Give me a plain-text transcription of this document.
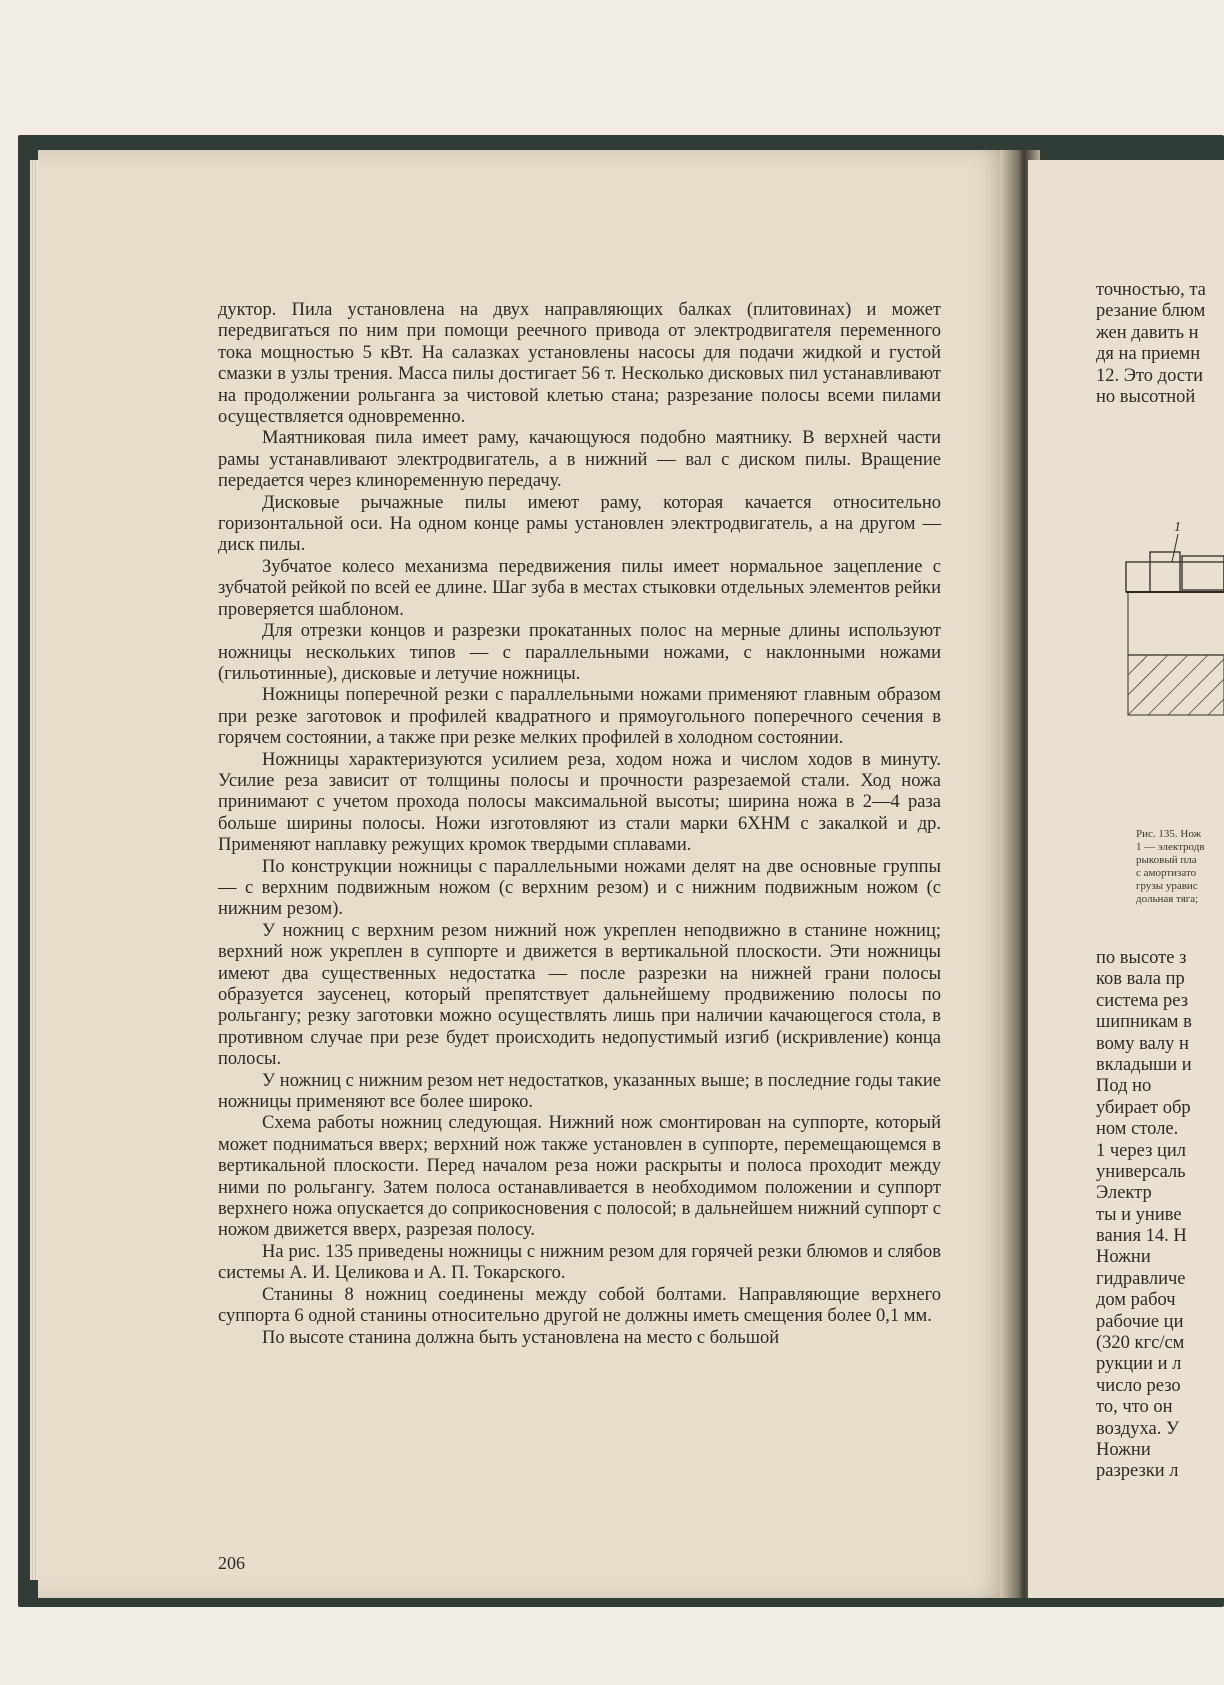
дуктор. Пила установлена на двух направляющих балках (плитовинах) и может передвигаться по ним при помощи реечного привода от электродвигателя переменного тока мощностью 5 кВт. На салазках установлены насосы для подачи жидкой и густой смазки в узлы трения. Масса пилы достигает 56 т. Несколько дисковых пил устанавливают на продолжении рольганга за чистовой клетью стана; разрезание полосы всеми пилами осуществляется одновременно.

Маятниковая пила имеет раму, качающуюся подобно маятнику. В верхней части рамы устанавливают электродвигатель, а в нижний — вал с диском пилы. Вращение передается через клиноременную передачу.

Дисковые рычажные пилы имеют раму, которая качается относительно горизонтальной оси. На одном конце рамы установлен электродвигатель, а на другом — диск пилы.

Зубчатое колесо механизма передвижения пилы имеет нормальное зацепление с зубчатой рейкой по всей ее длине. Шаг зуба в местах стыковки отдельных элементов рейки проверяется шаблоном.

Для отрезки концов и разрезки прокатанных полос на мерные длины используют ножницы нескольких типов — с параллельными ножами, с наклонными ножами (гильотинные), дисковые и летучие ножницы.

Ножницы поперечной резки с параллельными ножами применяют главным образом при резке заготовок и профилей квадратного и прямоугольного поперечного сечения в горячем состоянии, а также при резке мелких профилей в холодном состоянии.

Ножницы характеризуются усилием реза, ходом ножа и числом ходов в минуту. Усилие реза зависит от толщины полосы и прочности разрезаемой стали. Ход ножа принимают с учетом прохода полосы максимальной высоты; ширина ножа в 2—4 раза больше ширины полосы. Ножи изготовляют из стали марки 6ХНМ с закалкой и др. Применяют наплавку режущих кромок твердыми сплавами.

По конструкции ножницы с параллельными ножами делят на две основные группы — с верхним подвижным ножом (с верхним резом) и с нижним подвижным ножом (с нижним резом).

У ножниц с верхним резом нижний нож укреплен неподвижно в станине ножниц; верхний нож укреплен в суппорте и движется в вертикальной плоскости. Эти ножницы имеют два существенных недостатка — после разрезки на нижней грани полосы образуется заусенец, который препятствует дальнейшему продвижению полосы по рольгангу; резку заготовки можно осуществлять лишь при наличии качающегося стола, в противном случае при резе будет происходить недопустимый изгиб (искривление) конца полосы.

У ножниц с нижним резом нет недостатков, указанных выше; в последние годы такие ножницы применяют все более широко.

Схема работы ножниц следующая. Нижний нож смонтирован на суппорте, который может подниматься вверх; верхний нож также установлен в суппорте, перемещающемся в вертикальной плоскости. Перед началом реза ножи раскрыты и полоса проходит между ними по рольгангу. Затем полоса останавливается в необходимом положении и суппорт верхнего ножа опускается до соприкосновения с полосой; в дальнейшем нижний суппорт с ножом движется вверх, разрезая полосу.

На рис. 135 приведены ножницы с нижним резом для горячей резки блюмов и слябов системы А. И. Целикова и А. П. Токарского.

Станины 8 ножниц соединены между собой болтами. Направляющие верхнего суппорта 6 одной станины относительно другой не должны иметь смещения более 0,1 мм.

По высоте станина должна быть установлена на место с большой

206
точностью, та
резание блюм
жен давить н
дя на приемн
12. Это дости
но высотной
1
Рис. 135. Нож
1 — электродв
рыковый пла
с амортизато
грузы уравис
дольная тяга;
по высоте з
ков вала пр
система рез
шипникам в
вому валу н
вкладыши и
Под но
убирает обр
ном столе.
1 через цил
универсаль
Электр
ты и униве
вания 14. Н
Ножни
гидравличе
дом рабоч
рабочие ци
(320 кгс/см
рукции и л
число резо
то, что он
воздуха. У
Ножни
разрезки л
